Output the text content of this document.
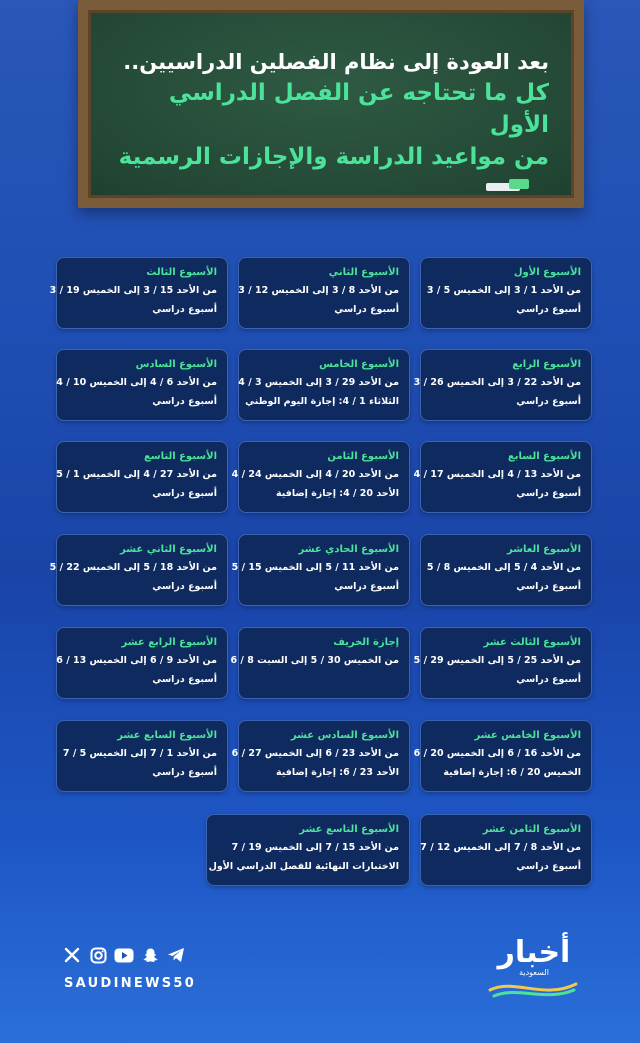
بعد العودة إلى نظام الفصلين الدراسيين..
كل ما تحتاجه عن الفصل الدراسي الأول
من مواعيد الدراسة والإجازات الرسمية
الأسبوع الأول
من الأحد 1 / 3 إلى الخميس 5 / 3
أسبوع دراسي
الأسبوع الثاني
من الأحد 8 / 3 إلى الخميس 12 / 3
أسبوع دراسي
الأسبوع الثالث
من الأحد 15 / 3 إلى الخميس 19 / 3
أسبوع دراسي
الأسبوع الرابع
من الأحد 22 / 3 إلى الخميس 26 / 3
أسبوع دراسي
الأسبوع الخامس
من الأحد 29 / 3 إلى الخميس 3 / 4
الثلاثاء 1 / 4: إجازة اليوم الوطني
الأسبوع السادس
من الأحد 6 / 4 إلى الخميس 10 / 4
أسبوع دراسي
الأسبوع السابع
من الأحد 13 / 4 إلى الخميس 17 / 4
أسبوع دراسي
الأسبوع الثامن
من الأحد 20 / 4 إلى الخميس 24 / 4
الأحد 20 / 4: إجازة إضافية
الأسبوع التاسع
من الأحد 27 / 4 إلى الخميس 1 / 5
أسبوع دراسي
الأسبوع العاشر
من الأحد 4 / 5 إلى الخميس 8 / 5
أسبوع دراسي
الأسبوع الحادي عشر
من الأحد 11 / 5 إلى الخميس 15 / 5
أسبوع دراسي
الأسبوع الثاني عشر
من الأحد 18 / 5 إلى الخميس 22 / 5
أسبوع دراسي
الأسبوع الثالث عشر
من الأحد 25 / 5 إلى الخميس 29 / 5
أسبوع دراسي
إجازة الخريف
من الخميس 30 / 5 إلى السبت 8 / 6
الأسبوع الرابع عشر
من الأحد 9 / 6 إلى الخميس 13 / 6
أسبوع دراسي
الأسبوع الخامس عشر
من الأحد 16 / 6 إلى الخميس 20 / 6
الخميس 20 / 6: إجازة إضافية
الأسبوع السادس عشر
من الأحد 23 / 6 إلى الخميس 27 / 6
الأحد 23 / 6: إجازة إضافية
الأسبوع السابع عشر
من الأحد 1 / 7 إلى الخميس 5 / 7
أسبوع دراسي
الأسبوع الثامن عشر
من الأحد 8 / 7 إلى الخميس 12 / 7
أسبوع دراسي
الأسبوع التاسع عشر
من الأحد 15 / 7 إلى الخميس 19 / 7
الاختبارات النهائية للفصل الدراسي الأول
SAUDINEWS50
أخبار
السعودية
